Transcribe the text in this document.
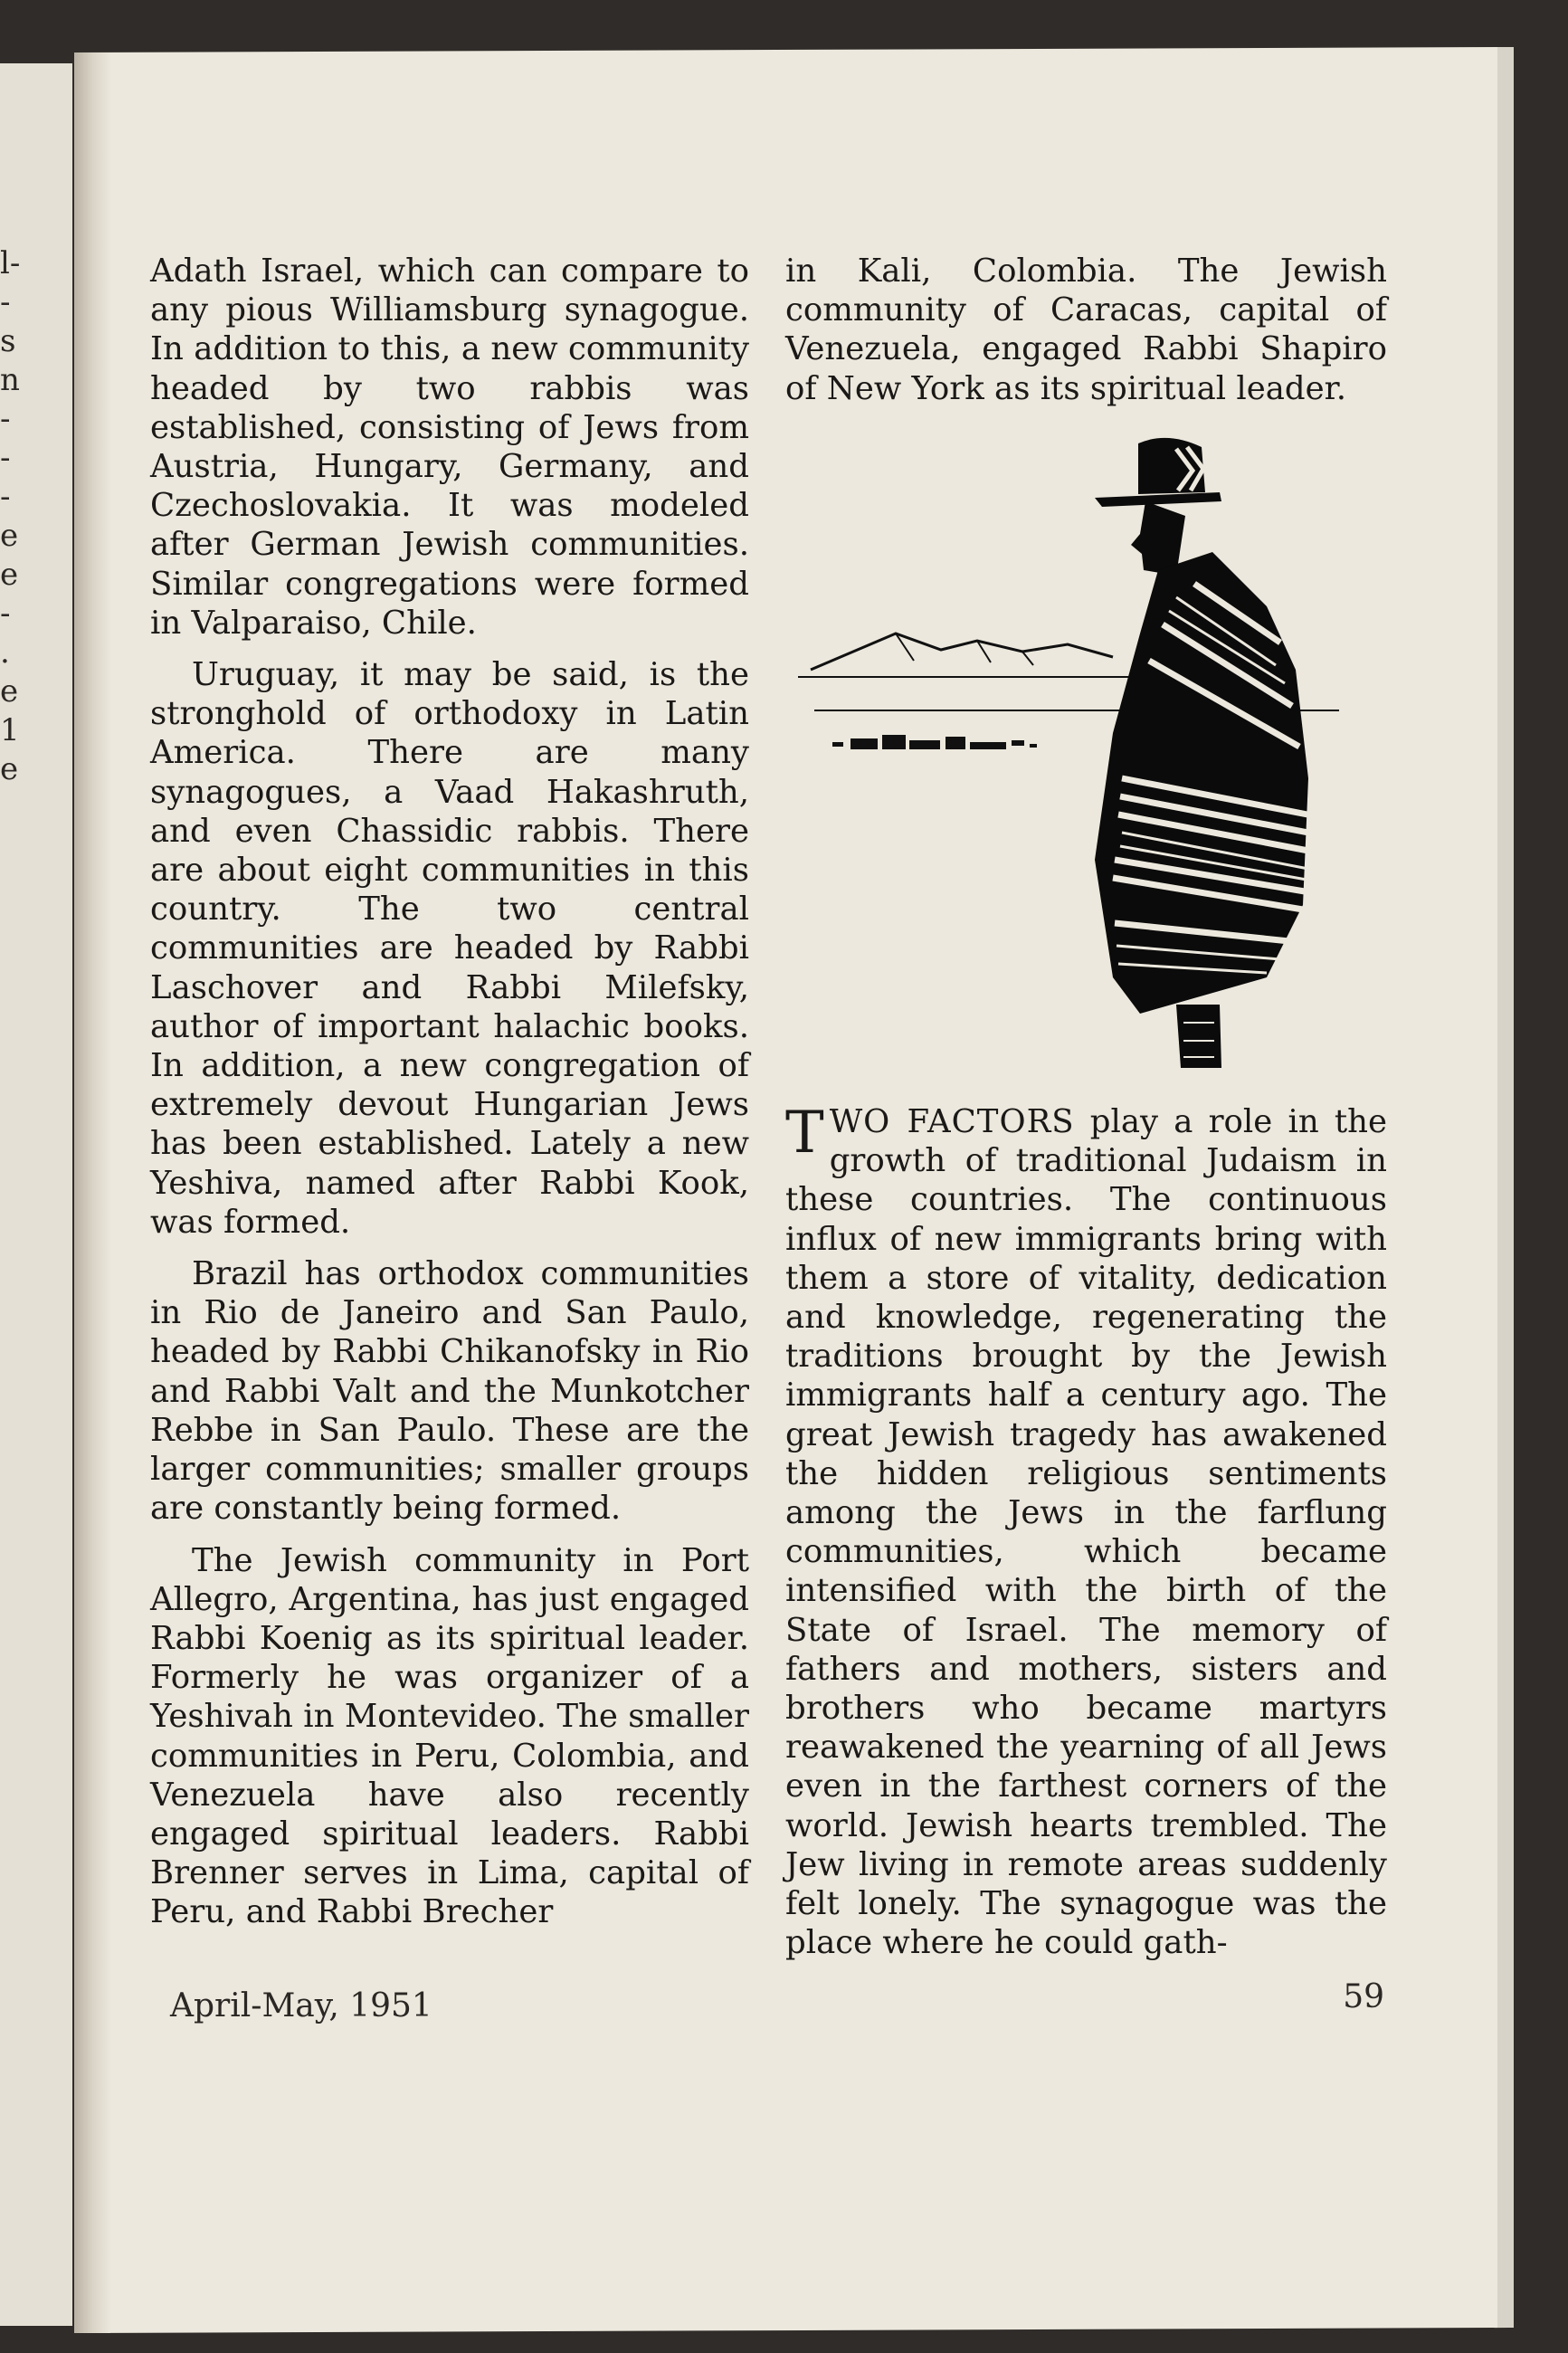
l-
-
s
n
-
-
-
e
e
-
.
e
1
e

Adath Israel, which can compare to any pious Williamsburg synagogue. In addition to this, a new community headed by two rabbis was established, consisting of Jews from Austria, Hungary, Germany, and Czechoslovakia. It was modeled after German Jewish communities. Similar congregations were formed in Valparaiso, Chile.

Uruguay, it may be said, is the stronghold of orthodoxy in Latin America. There are many synagogues, a Vaad Hakashruth, and even Chassidic rabbis. There are about eight communities in this country. The two central communities are headed by Rabbi Laschover and Rabbi Milefsky, author of important halachic books. In addition, a new congregation of extremely devout Hungarian Jews has been established. Lately a new Yeshiva, named after Rabbi Kook, was formed.

Brazil has orthodox communities in Rio de Janeiro and San Paulo, headed by Rabbi Chikanofsky in Rio and Rabbi Valt and the Munkotcher Rebbe in San Paulo. These are the larger communities; smaller groups are constantly being formed.

The Jewish community in Port Allegro, Argentina, has just engaged Rabbi Koenig as its spiritual leader. Formerly he was organizer of a Yeshivah in Montevideo. The smaller communities in Peru, Colombia, and Venezuela have also recently engaged spiritual leaders. Rabbi Brenner serves in Lima, capital of Peru, and Rabbi Brecher

in Kali, Colombia. The Jewish community of Caracas, capital of Venezuela, engaged Rabbi Shapiro of New York as its spiritual leader.

TWO FACTORS play a role in the growth of traditional Judaism in these countries. The continuous influx of new immigrants bring with them a store of vitality, dedication and knowledge, regenerating the traditions brought by the Jewish immigrants half a century ago. The great Jewish tragedy has awakened the hidden religious sentiments among the Jews in the farflung communities, which became intensified with the birth of the State of Israel. The memory of fathers and mothers, sisters and brothers who became martyrs reawakened the yearning of all Jews even in the farthest corners of the world. Jewish hearts trembled. The Jew living in remote areas suddenly felt lonely. The synagogue was the place where he could gath-

April-May, 1951	59
